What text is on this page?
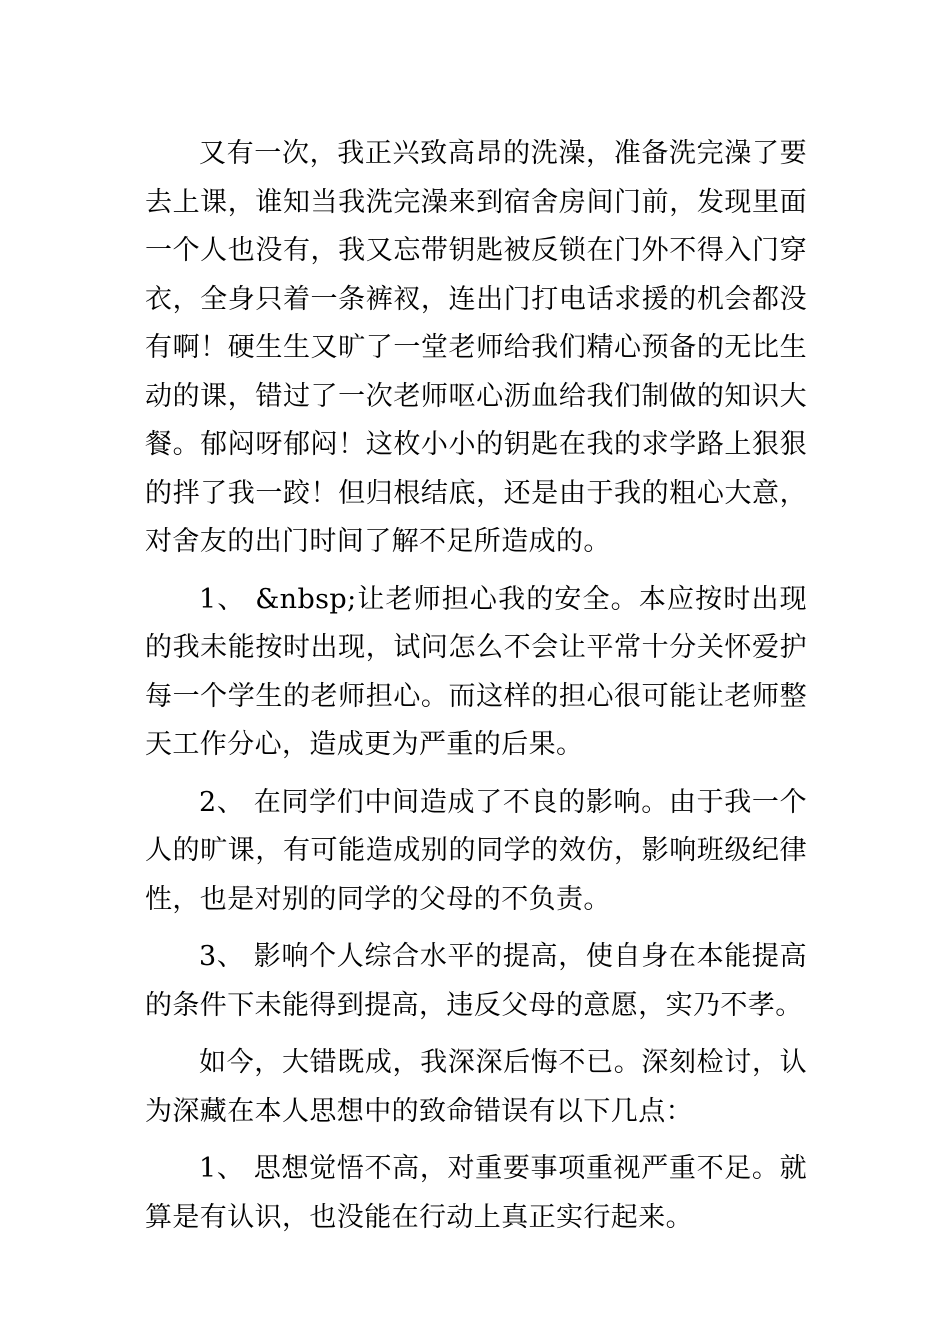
又有一次，我正兴致高昂的洗澡，准备洗完澡了要去上课，谁知当我洗完澡来到宿舍房间门前，发现里面一个人也没有，我又忘带钥匙被反锁在门外不得入门穿衣，全身只着一条裤衩，连出门打电话求援的机会都没有啊！硬生生又旷了一堂老师给我们精心预备的无比生动的课，错过了一次老师呕心沥血给我们制做的知识大餐。郁闷呀郁闷！这枚小小的钥匙在我的求学路上狠狠的拌了我一跤！但归根结底，还是由于我的粗心大意，对舍友的出门时间了解不足所造成的。

1、 &nbsp;让老师担心我的安全。本应按时出现的我未能按时出现，试问怎么不会让平常十分关怀爱护每一个学生的老师担心。而这样的担心很可能让老师整天工作分心，造成更为严重的后果。

2、 在同学们中间造成了不良的影响。由于我一个人的旷课，有可能造成别的同学的效仿，影响班级纪律性，也是对别的同学的父母的不负责。

3、 影响个人综合水平的提高，使自身在本能提高的条件下未能得到提高，违反父母的意愿，实乃不孝。

如今，大错既成，我深深后悔不已。深刻检讨，认为深藏在本人思想中的致命错误有以下几点：

1、 思想觉悟不高，对重要事项重视严重不足。就算是有认识，也没能在行动上真正实行起来。
